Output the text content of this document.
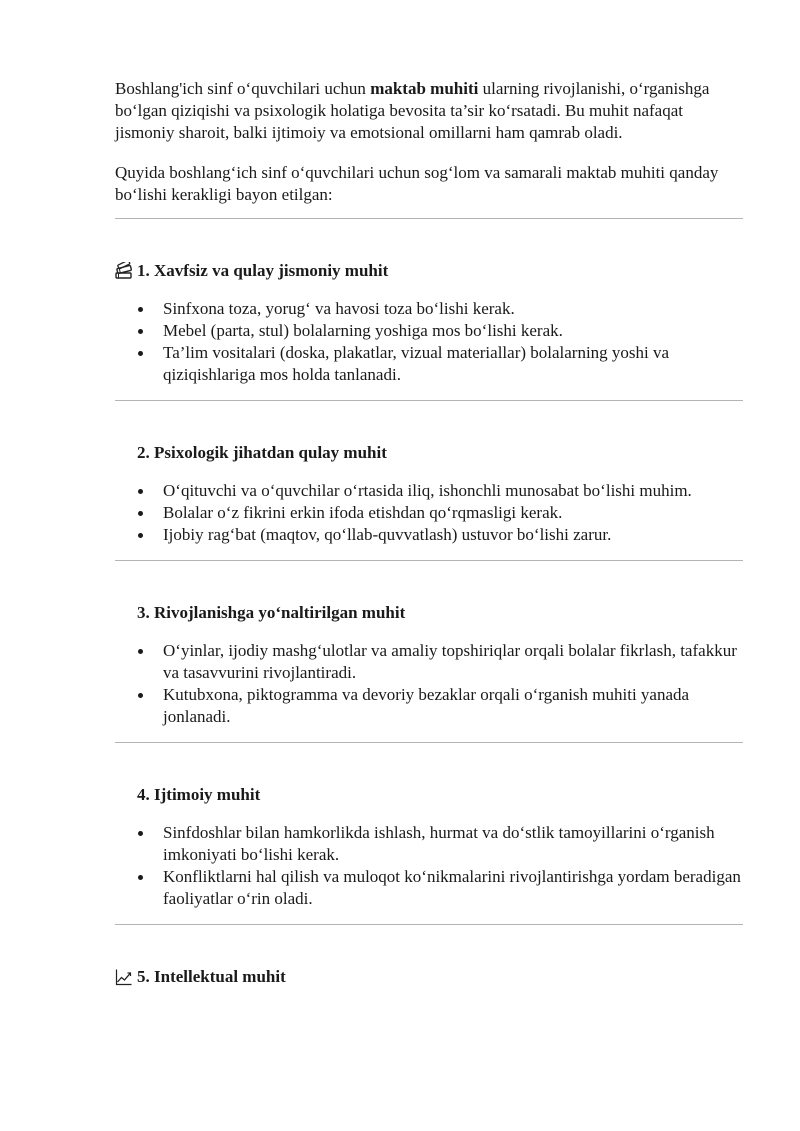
Boshlang'ich sinf o‘quvchilari uchun maktab muhiti ularning rivojlanishi, o‘rganishga bo‘lgan qiziqishi va psixologik holatiga bevosita ta’sir ko‘rsatadi. Bu muhit nafaqat jismoniy sharoit, balki ijtimoiy va emotsional omillarni ham qamrab oladi.

Quyida boshlang‘ich sinf o‘quvchilari uchun sog‘lom va samarali maktab muhiti qanday bo‘lishi kerakligi bayon etilgan:

1. Xavfsiz va qulay jismoniy muhit
Sinfxona toza, yorug‘ va havosi toza bo‘lishi kerak.
Mebel (parta, stul) bolalarning yoshiga mos bo‘lishi kerak.
Ta’lim vositalari (doska, plakatlar, vizual materiallar) bolalarning yoshi va qiziqishlariga mos holda tanlanadi.
2. Psixologik jihatdan qulay muhit
O‘qituvchi va o‘quvchilar o‘rtasida iliq, ishonchli munosabat bo‘lishi muhim.
Bolalar o‘z fikrini erkin ifoda etishdan qo‘rqmasligi kerak.
Ijobiy rag‘bat (maqtov, qo‘llab-quvvatlash) ustuvor bo‘lishi zarur.
3. Rivojlanishga yo‘naltirilgan muhit
O‘yinlar, ijodiy mashg‘ulotlar va amaliy topshiriqlar orqali bolalar fikrlash, tafakkur va tasavvurini rivojlantiradi.
Kutubxona, piktogramma va devoriy bezaklar orqali o‘rganish muhiti yanada jonlanadi.
4. Ijtimoiy muhit
Sinfdoshlar bilan hamkorlikda ishlash, hurmat va do‘stlik tamoyillarini o‘rganish imkoniyati bo‘lishi kerak.
Konfliktlarni hal qilish va muloqot ko‘nikmalarini rivojlantirishga yordam beradigan faoliyatlar o‘rin oladi.
5. Intellektual muhit
